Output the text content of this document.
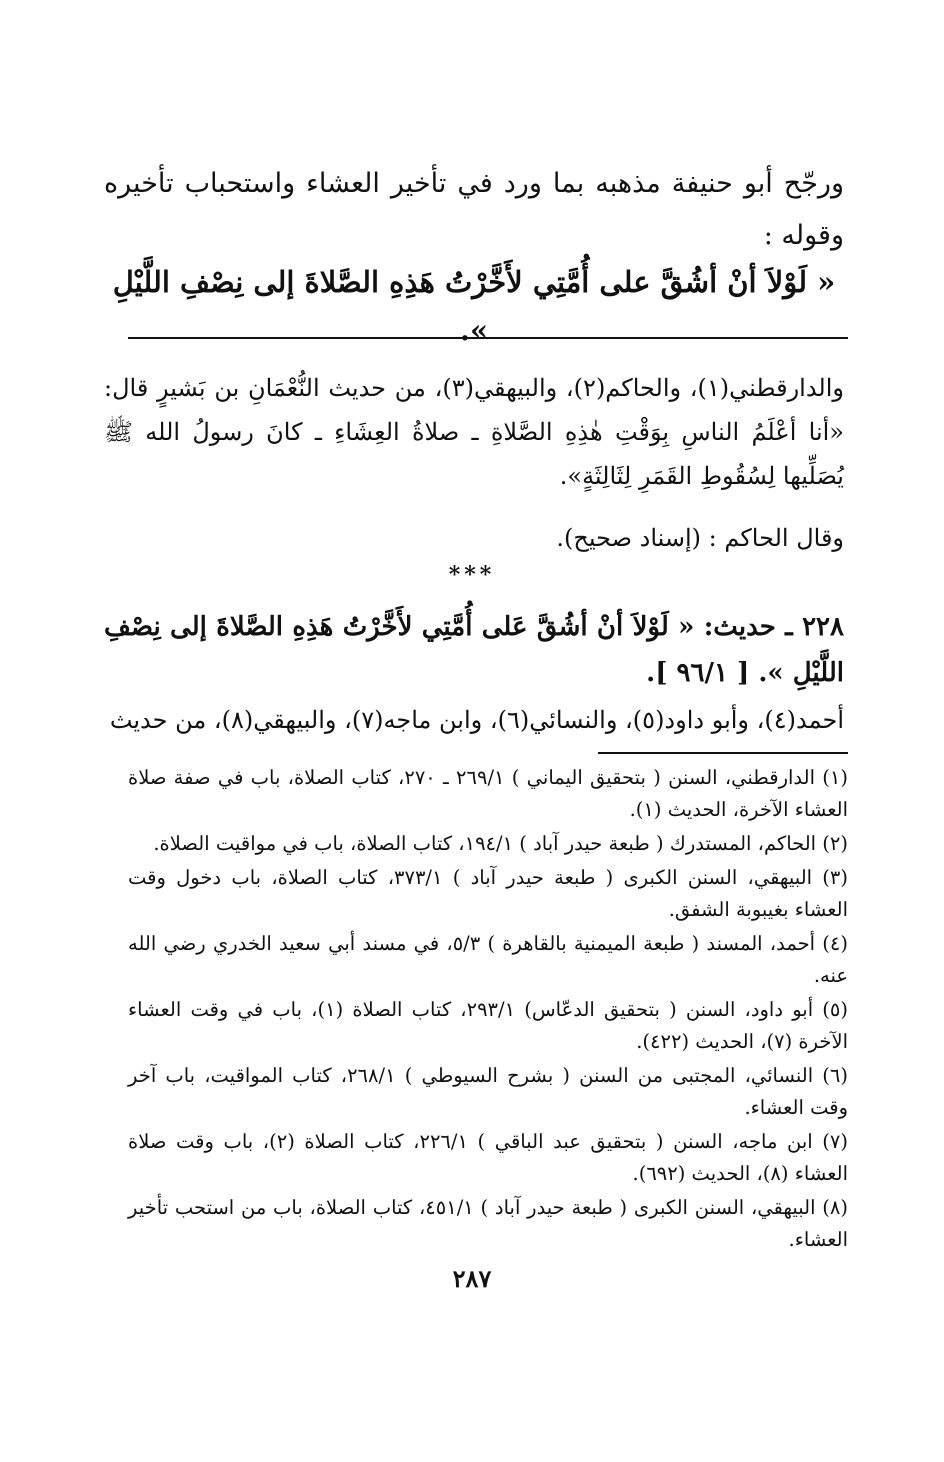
ورجّح أبو حنيفة مذهبه بما ورد في تأخير العشاء واستحباب تأخيره وقوله :

« لَوْلاَ أنْ أشُقَّ على أُمَّتِي لأَخَّرْتُ هَذِهِ الصَّلاةَ إلى نِصْفِ اللَّيْلِ ».

والدارقطني(١)، والحاكم(٢)، والبيهقي(٣)، من حديث النُّعْمَانِ بن بَشيرٍ قال: «أنا أعْلَمُ الناسِ بِوَقْتِ هٰذِهِ الصَّلاةِ ـ صلاةُ العِشَاءِ ـ كانَ رسولُ الله ﷺ يُصَلِّيها لِسُقُوطِ القَمَرِ لِثَالِثَةٍ».

وقال الحاكم : (إسناد صحيح).

***

٢٢٨ ـ حديث: « لَوْلاَ أنْ أشُقَّ عَلى أُمَّتِي لأَخَّرْتُ هَذِهِ الصَّلاةَ إلى نِصْفِ اللَّيْلِ ». [ ٩٦/١ ].

أحمد(٤)، وأبو داود(٥)، والنسائي(٦)، وابن ماجه(٧)، والبيهقي(٨)، من حديث

(١) الدارقطني، السنن ( بتحقيق اليماني ) ٢٦٩/١ ـ ٢٧٠، كتاب الصلاة، باب في صفة صلاة العشاء الآخرة، الحديث (١).

(٢) الحاكم، المستدرك ( طبعة حيدر آباد ) ١٩٤/١، كتاب الصلاة، باب في مواقيت الصلاة.

(٣) البيهقي، السنن الكبرى ( طبعة حيدر آباد ) ٣٧٣/١، كتاب الصلاة، باب دخول وقت العشاء بغيبوبة الشفق.

(٤) أحمد، المسند ( طبعة الميمنية بالقاهرة ) ٥/٣، في مسند أبي سعيد الخدري رضي الله عنه.

(٥) أبو داود، السنن ( بتحقيق الدعّاس) ٢٩٣/١، كتاب الصلاة (١)، باب في وقت العشاء الآخرة (٧)، الحديث (٤٢٢).

(٦) النسائي، المجتبى من السنن ( بشرح السيوطي ) ٢٦٨/١، كتاب المواقيت، باب آخر وقت العشاء.

(٧) ابن ماجه، السنن ( بتحقيق عبد الباقي ) ٢٢٦/١، كتاب الصلاة (٢)، باب وقت صلاة العشاء (٨)، الحديث (٦٩٢).

(٨) البيهقي، السنن الكبرى ( طبعة حيدر آباد ) ٤٥١/١، كتاب الصلاة، باب من استحب تأخير العشاء.

٢٨٧
